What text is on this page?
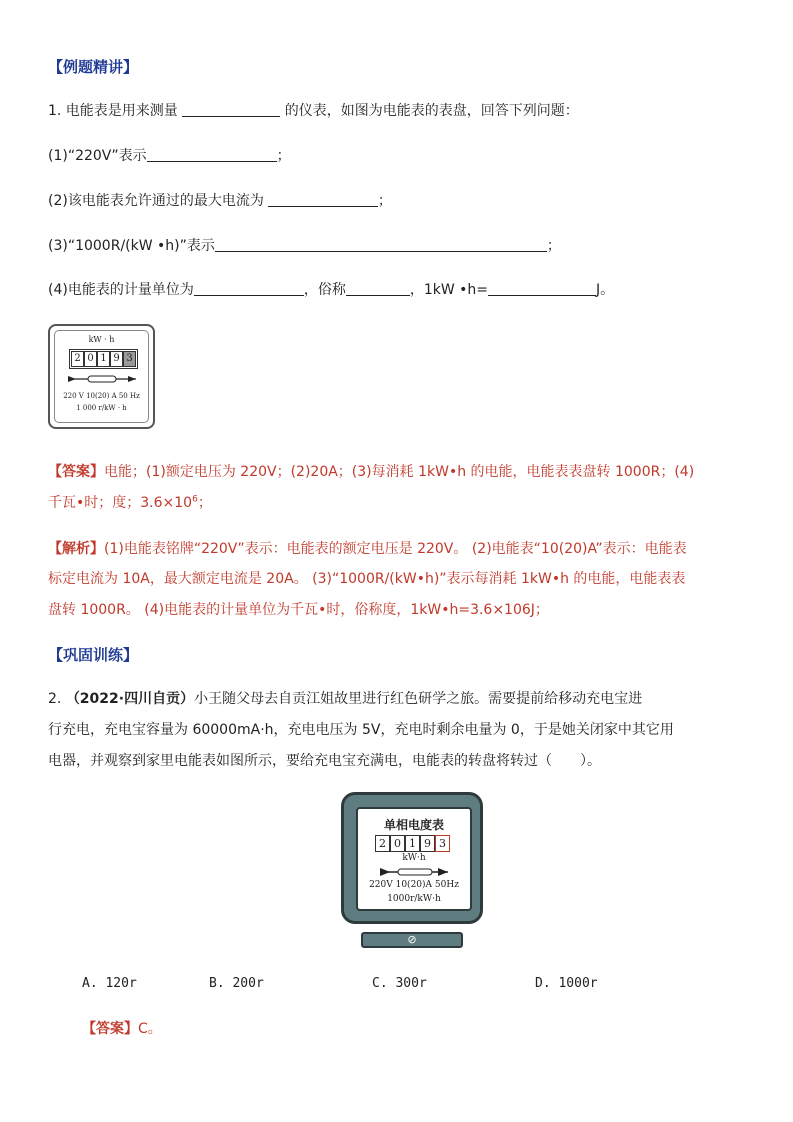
【例题精讲】
1. 电能表是用来测量	的仪表，如图为电能表的表盘，回答下列问题：
(1)“220V”表示	；
(2)该电能表允许通过的最大电流为	；
(3)“1000R/(kW •h)”表示	；
(4)电能表的计量单位为	，俗称	，1kW •h=	J。
kW · h
2 0 1 9 3
220 V 10(20) A 50 Hz
1 000 r/kW · h
【答案】电能；(1)额定电压为 220V；(2)20A；(3)每消耗 1kW•h 的电能，电能表表盘转 1000R；(4)
千瓦•时；度；$3.6\times 10^6$；
【解析】(1)电能表铭牌“220V”表示：电能表的额定电压是 220V。 (2)电能表“10(20)A”表示：电能表
标定电流为 10A，最大额定电流是 20A。 (3)“1000R/(kW•h)”表示每消耗 1kW•h 的电能，电能表表
盘转 1000R。 (4)电能表的计量单位为千瓦•时，俗称度，1kW•h=3.6×106J；
【巩固训练】
2. （2022·四川自贡）小王随父母去自贡江姐故里进行红色研学之旅。需要提前给移动充电宝进
行充电，充电宝容量为 60000mA·h，充电电压为 5V，充电时剩余电量为 0，于是她关闭家中其它用
电器，并观察到家里电能表如图所示，要给充电宝充满电，电能表的转盘将转过（　　）。
单相电度表
2 0 1 9 3
kW·h
220V 10(20)A 50Hz
1000r/kW·h
⊘
A. 120r	B. 200r	C. 300r	D. 1000r
【答案】C。
